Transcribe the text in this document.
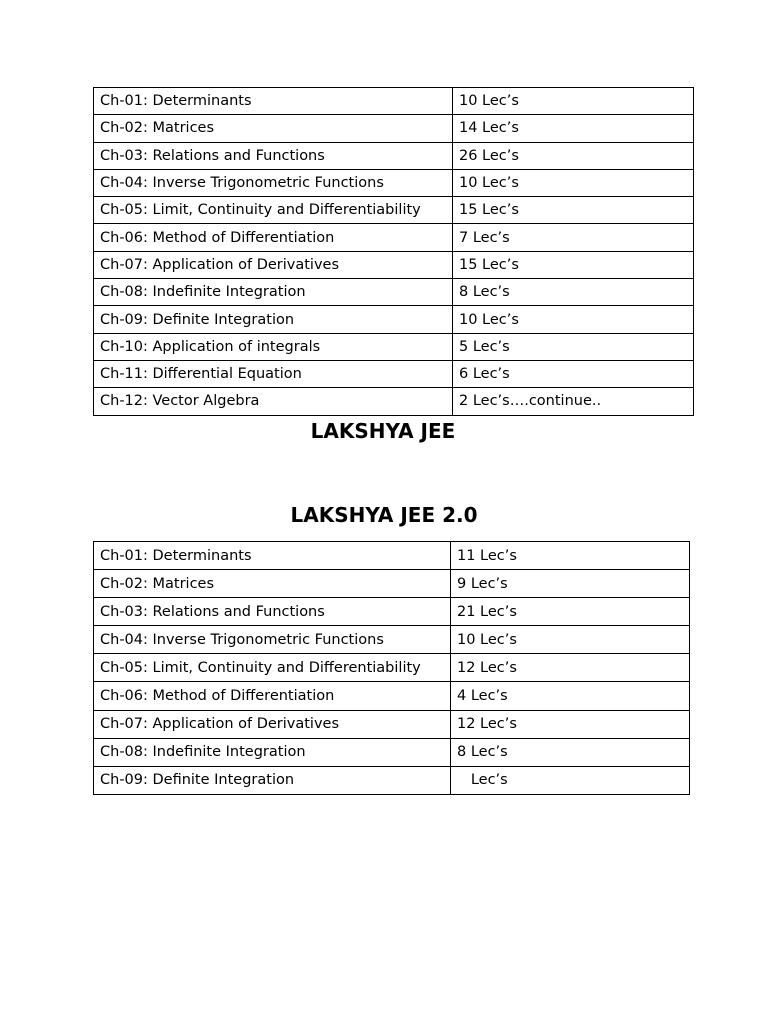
Ch-01: Determinants	10 Lec’s
Ch-02: Matrices	14 Lec’s
Ch-03: Relations and Functions	26 Lec’s
Ch-04: Inverse Trigonometric Functions	10 Lec’s
Ch-05: Limit, Continuity and Differentiability	15 Lec’s
Ch-06: Method of Differentiation	7 Lec’s
Ch-07: Application of Derivatives	15 Lec’s
Ch-08: Indefinite Integration	8 Lec’s
Ch-09: Definite Integration	10 Lec’s
Ch-10: Application of integrals	5 Lec’s
Ch-11: Differential Equation	6 Lec’s
Ch-12: Vector Algebra	2 Lec’s….continue..
LAKSHYA JEE
LAKSHYA JEE 2.0
Ch-01: Determinants	11 Lec’s
Ch-02: Matrices	9 Lec’s
Ch-03: Relations and Functions	21 Lec’s
Ch-04: Inverse Trigonometric Functions	10 Lec’s
Ch-05: Limit, Continuity and Differentiability	12 Lec’s
Ch-06: Method of Differentiation	4 Lec’s
Ch-07: Application of Derivatives	12 Lec’s
Ch-08: Indefinite Integration	8 Lec’s
Ch-09: Definite Integration	Lec’s
